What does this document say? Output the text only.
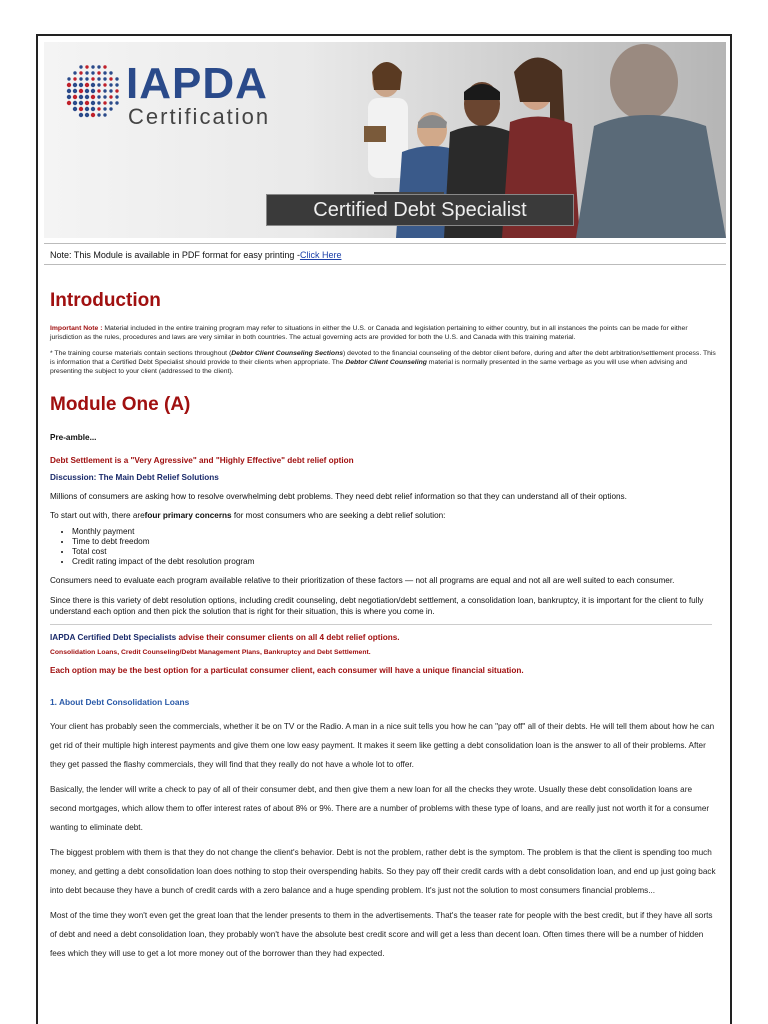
IAPDA
Certification
Certified Debt Specialist
Note: This Module is available in PDF format for easy printing -Click Here
Introduction

Important Note : Material included in the entire training program may refer to situations in either the U.S. or Canada and legislation pertaining to either country, but in all instances the points can be made for either jurisdiction as the rules, procedures and laws are very similar in both countries. The actual governing acts are provided for both the U.S. and Canada with this training material.

* The training course materials contain sections throughout (Debtor Client Counseling Sections) devoted to the financial counseling of the debtor client before, during and after the debt arbitration/settlement process. This is information that a Certified Debt Specialist should provide to their clients when appropriate. The Debtor Client Counseling material is normally presented in the same verbage as you will use when advising and presenting the subject to your client (addressed to the client).

Module One (A)

Pre-amble...

Debt Settlement is a "Very Agressive" and "Highly Effective" debt relief option

Discussion: The Main Debt Relief Solutions

Millions of consumers are asking how to resolve overwhelming debt problems. They need debt relief information so that they can understand all of their options.

To start out with, there arefour primary concerns for most consumers who are seeking a debt relief solution:

• Monthly payment
• Time to debt freedom
• Total cost
• Credit rating impact of the debt resolution program

Consumers need to evaluate each program available relative to their prioritization of these factors — not all programs are equal and not all are well suited to each consumer.

Since there is this variety of debt resolution options, including credit counseling, debt negotiation/debt settlement, a consolidation loan, bankruptcy, it is important for the client to fully understand each option and then pick the solution that is right for their situation, this is where you come in.

IAPDA Certified Debt Specialists advise their consumer clients on all 4 debt relief options.

Consolidation Loans, Credit Counseling/Debt Management Plans, Bankruptcy and Debt Settlement.

Each option may be the best option for a particulat consumer client, each consumer will have a unique financial situation.

1. About Debt Consolidation Loans

Your client has probably seen the commercials, whether it be on TV or the Radio. A man in a nice suit tells you how he can "pay off" all of their debts. He will tell them about how he can get rid of their multiple high interest payments and give them one low easy payment. It makes it seem like getting a debt consolidation loan is the answer to all of their problems. After they get passed the flashy commercials, they will find that they really do not have a whole lot to offer.

Basically, the lender will write a check to pay of all of their consumer debt, and then give them a new loan for all the checks they wrote. Usually these debt consolidation loans are second mortgages, which allow them to offer interest rates of about 8% or 9%. There are a number of problems with these type of loans, and are really just not worth it for a consumer wanting to eliminate debt.

The biggest problem with them is that they do not change the client's behavior. Debt is not the problem, rather debt is the symptom. The problem is that the client is spending too much money, and getting a debt consolidation loan does nothing to stop their overspending habits. So they pay off their credit cards with a debt consolidation loan, and end up just going back into debt because they have a bunch of credit cards with a zero balance and a huge spending problem. It's just not the solution to most consumers financial problems...

Most of the time they won't even get the great loan that the lender presents to them in the advertisements. That's the teaser rate for people with the best credit, but if they have all sorts of debt and need a debt consolidation loan, they probably won't have the absolute best credit score and will get a less than decent loan. Often times there will be a number of hidden fees which they will use to get a lot more money out of the borrower than they had expected.
